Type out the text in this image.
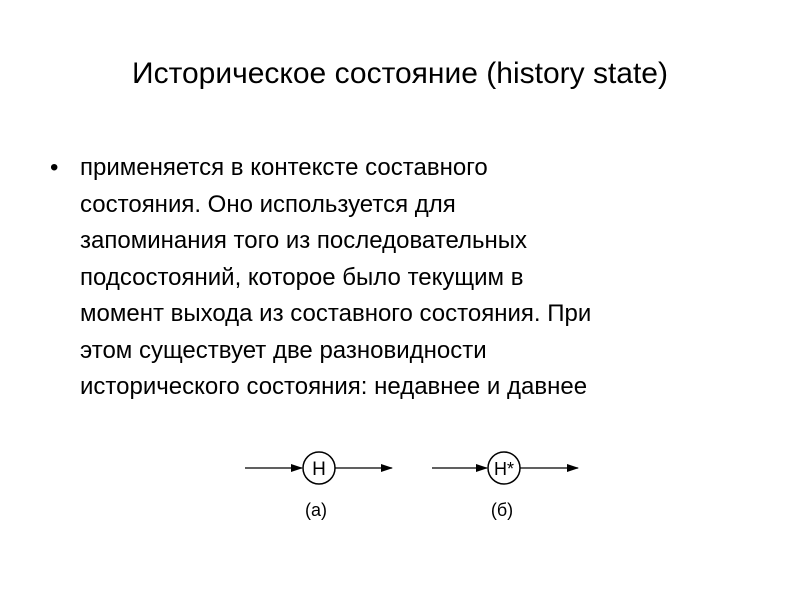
Историческое состояние (history state)
• применяется в контексте составного
состояния. Оно используется для
запоминания того из последовательных
подсостояний, которое было текущим в
момент выхода из составного состояния. При
этом существует две разновидности
исторического состояния: недавнее и давнее
H
(a)
H*
(б)
